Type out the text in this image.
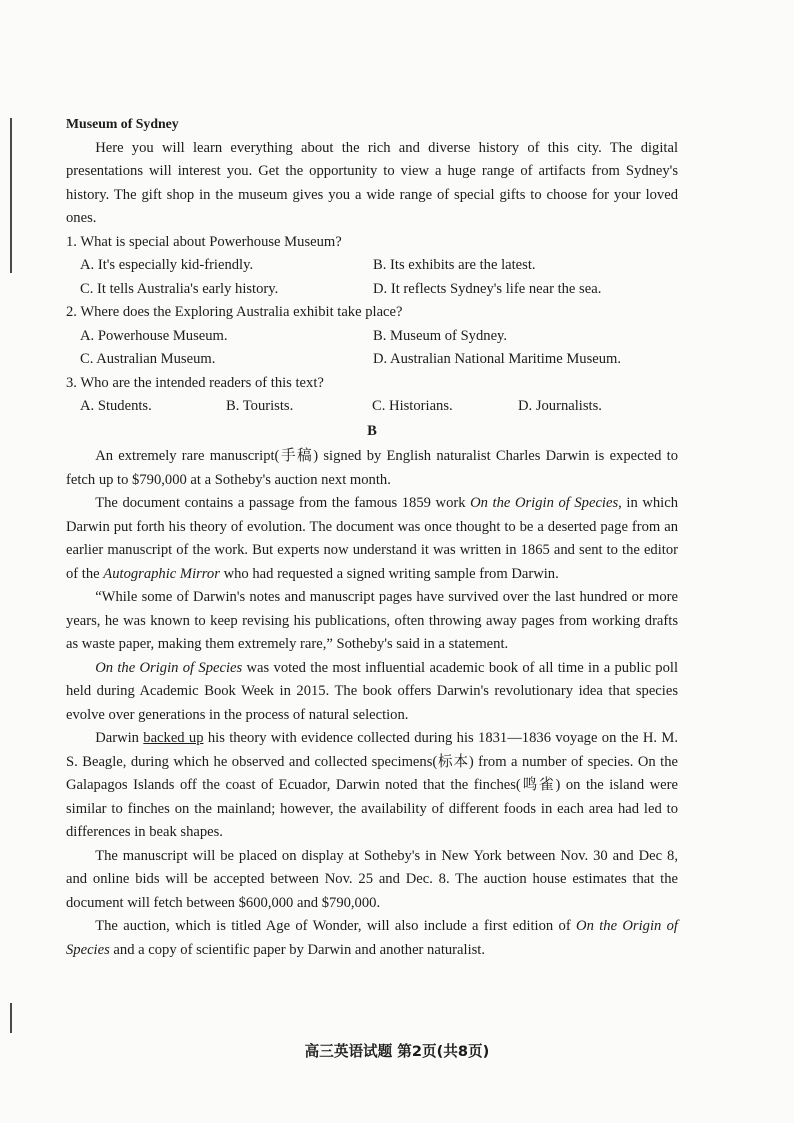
Museum of Sydney

Here you will learn everything about the rich and diverse history of this city. The digital presentations will interest you. Get the opportunity to view a huge range of artifacts from Sydney's history. The gift shop in the museum gives you a wide range of special gifts to choose for your loved ones.

1. What is special about Powerhouse Museum?
A. It's especially kid-friendly.	B. Its exhibits are the latest.
C. It tells Australia's early history.	D. It reflects Sydney's life near the sea.
2. Where does the Exploring Australia exhibit take place?
A. Powerhouse Museum.	B. Museum of Sydney.
C. Australian Museum.	D. Australian National Maritime Museum.
3. Who are the intended readers of this text?
A. Students.	B. Tourists.	C. Historians.	D. Journalists.
B

An extremely rare manuscript(手稿) signed by English naturalist Charles Darwin is expected to fetch up to $790,000 at a Sotheby's auction next month.

The document contains a passage from the famous 1859 work On the Origin of Species, in which Darwin put forth his theory of evolution. The document was once thought to be a deserted page from an earlier manuscript of the work. But experts now understand it was written in 1865 and sent to the editor of the Autographic Mirror who had requested a signed writing sample from Darwin.

“While some of Darwin's notes and manuscript pages have survived over the last hundred or more years, he was known to keep revising his publications, often throwing away pages from working drafts as waste paper, making them extremely rare,” Sotheby's said in a statement.

On the Origin of Species was voted the most influential academic book of all time in a public poll held during Academic Book Week in 2015. The book offers Darwin's revolutionary idea that species evolve over generations in the process of natural selection.

Darwin backed up his theory with evidence collected during his 1831—1836 voyage on the H. M. S. Beagle, during which he observed and collected specimens(标本) from a number of species. On the Galapagos Islands off the coast of Ecuador, Darwin noted that the finches(鸣雀) on the island were similar to finches on the mainland; however, the availability of different foods in each area had led to differences in beak shapes.

The manuscript will be placed on display at Sotheby's in New York between Nov. 30 and Dec 8, and online bids will be accepted between Nov. 25 and Dec. 8. The auction house estimates that the document will fetch between $600,000 and $790,000.

The auction, which is titled Age of Wonder, will also include a first edition of On the Origin of Species and a copy of scientific paper by Darwin and another naturalist.

高三英语试题 第2页(共8页)
